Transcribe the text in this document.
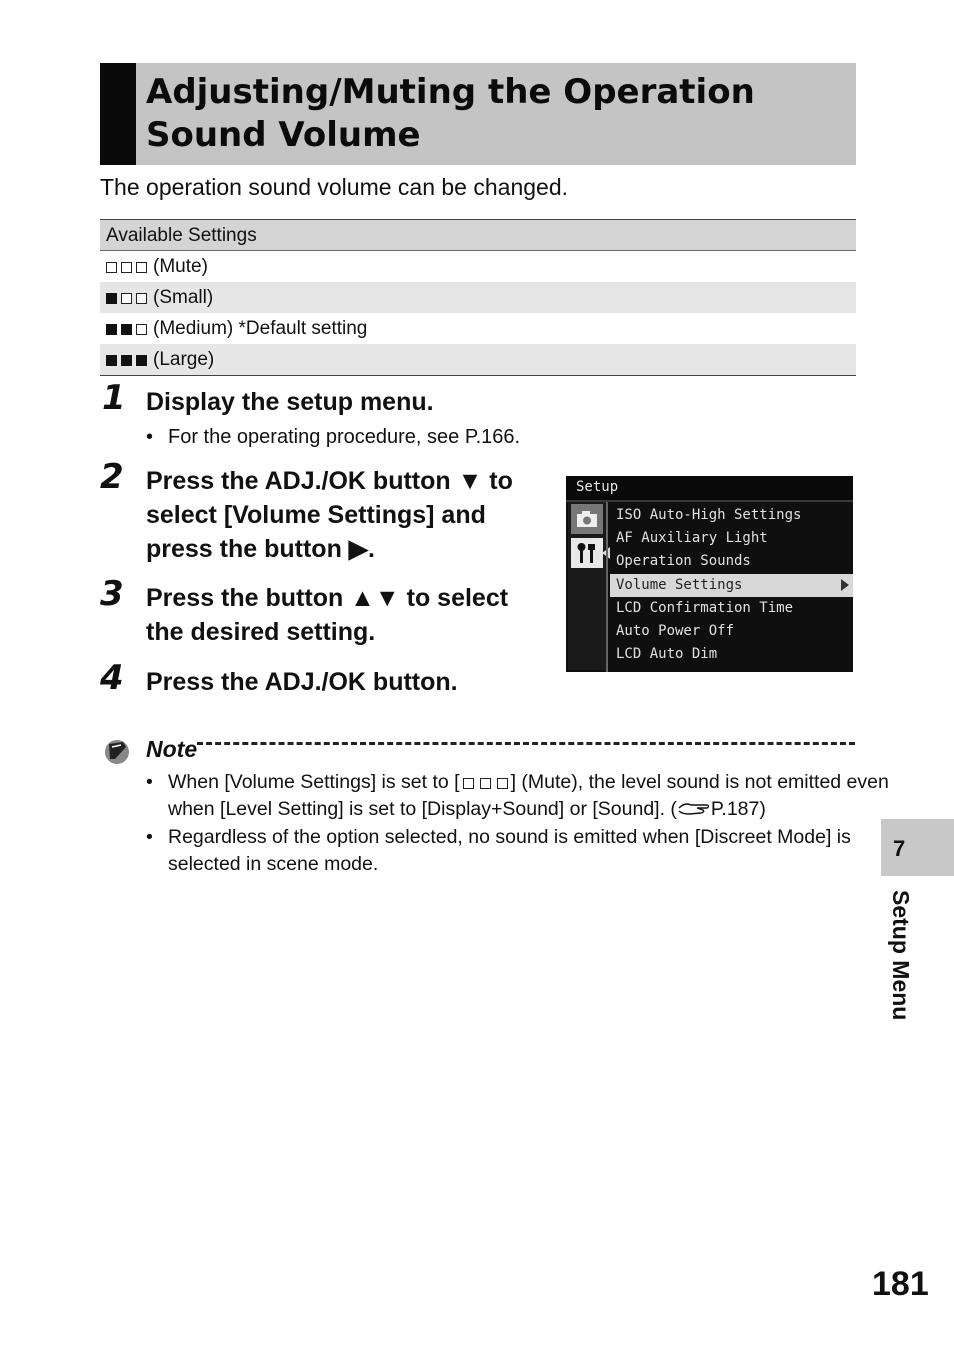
Adjusting/Muting the Operation
Sound Volume
The operation sound volume can be changed.
Available Settings
(Mute)
(Small)
(Medium) *Default setting
(Large)
1 Display the setup menu.
• For the operating procedure, see P.166.
2 Press the ADJ./OK button ▼ to
select [Volume Settings] and
press the button ▶.
3 Press the button ▲▼ to select
the desired setting.
4 Press the ADJ./OK button.
Setup
ISO Auto-High Settings
AF Auxiliary Light
Operation Sounds
Volume Settings
LCD Confirmation Time
Auto Power Off
LCD Auto Dim
Note
• When [Volume Settings] is set to [	] (Mute), the level sound is not emitted even
when [Level Setting] is set to [Display+Sound] or [Sound]. ( P.187)
• Regardless of the option selected, no sound is emitted when [Discreet Mode] is
selected in scene mode.
7
Setup Menu
181
